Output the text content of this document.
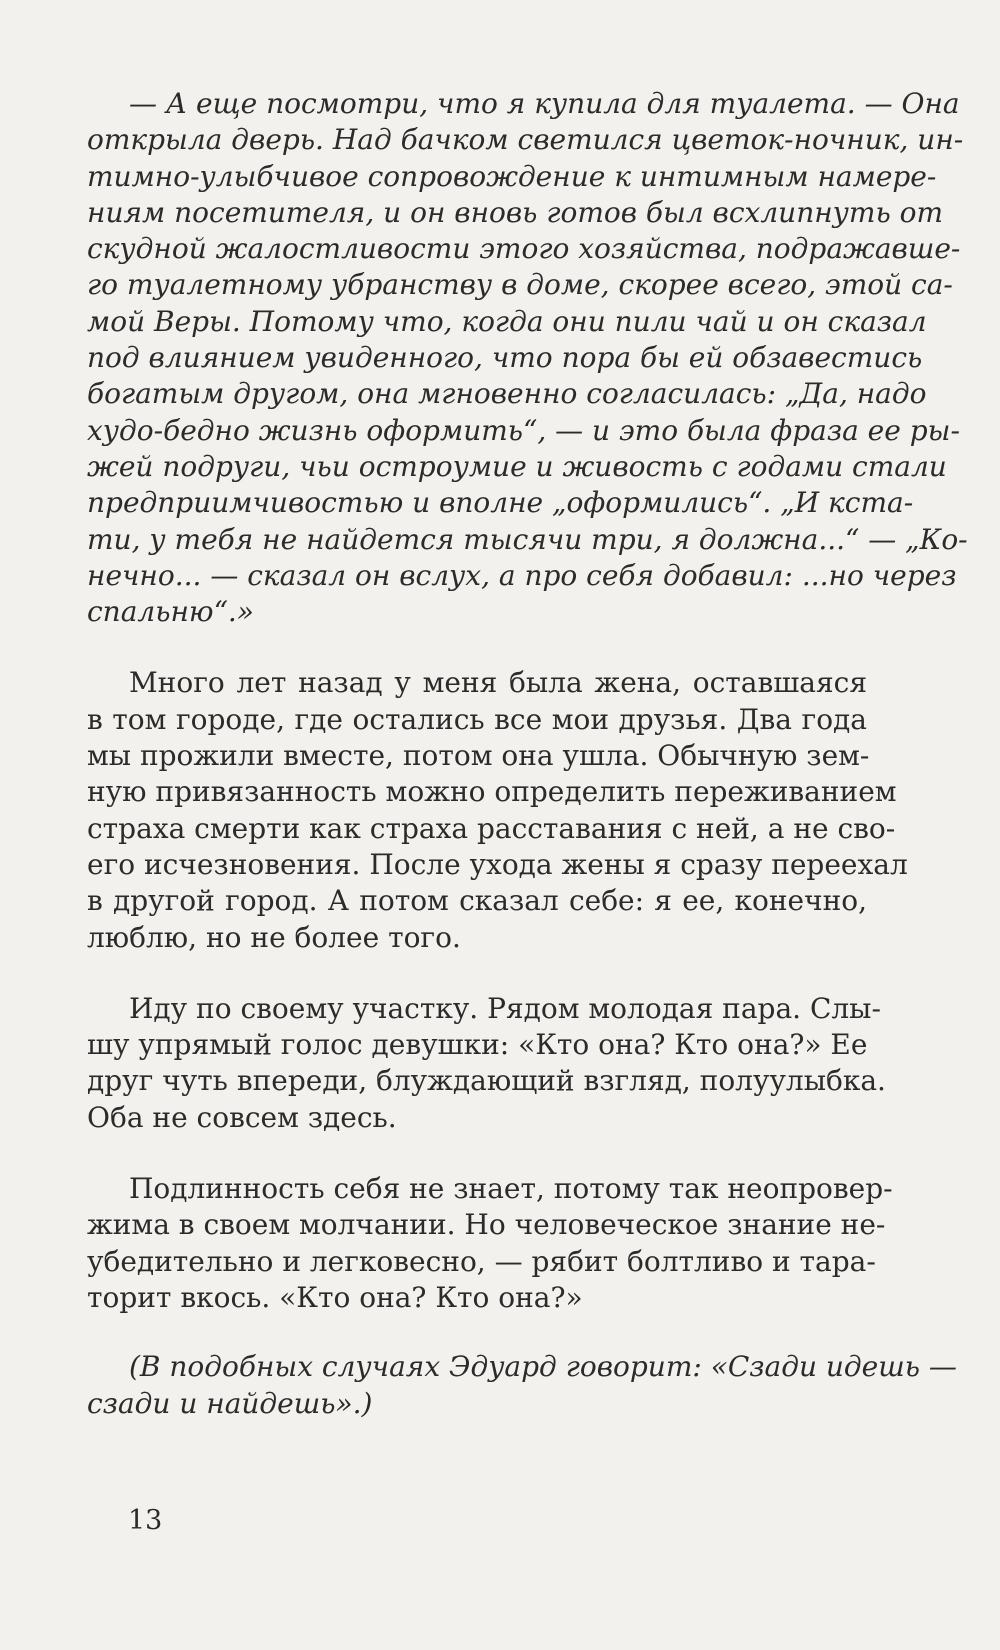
— А еще посмотри, что я купила для туалета. — Она
открыла дверь. Над бачком светился цветок-ночник, ин-
тимно-улыбчивое сопровождение к интимным намере-
ниям посетителя, и он вновь готов был всхлипнуть от
скудной жалостливости этого хозяйства, подражавше-
го туалетному убранству в доме, скорее всего, этой са-
мой Веры. Потому что, когда они пили чай и он сказал
под влиянием увиденного, что пора бы ей обзавестись
богатым другом, она мгновенно согласилась: „Да, надо
худо-бедно жизнь оформить“, — и это была фраза ее ры-
жей подруги, чьи остроумие и живость с годами стали
предприимчивостью и вполне „оформились“. „И кста-
ти, у тебя не найдется тысячи три, я должна...“ — „Ко-
нечно... — сказал он вслух, а про себя добавил: ...но через
спальню“.»

Много лет назад у меня была жена, оставшаяся
в том городе, где остались все мои друзья. Два года
мы прожили вместе, потом она ушла. Обычную зем-
ную привязанность можно определить переживанием
страха смерти как страха расставания с ней, а не сво-
его исчезновения. После ухода жены я сразу переехал
в другой город. А потом сказал себе: я ее, конечно,
люблю, но не более того.

Иду по своему участку. Рядом молодая пара. Слы-
шу упрямый голос девушки: «Кто она? Кто она?» Ее
друг чуть впереди, блуждающий взгляд, полуулыбка.
Оба не совсем здесь.

Подлинность себя не знает, потому так неопровер-
жима в своем молчании. Но человеческое знание не-
убедительно и легковесно, — рябит болтливо и тара-
торит вкось. «Кто она? Кто она?»

(В подобных случаях Эдуард говорит: «Сзади идешь —
сзади и найдешь».)

13
